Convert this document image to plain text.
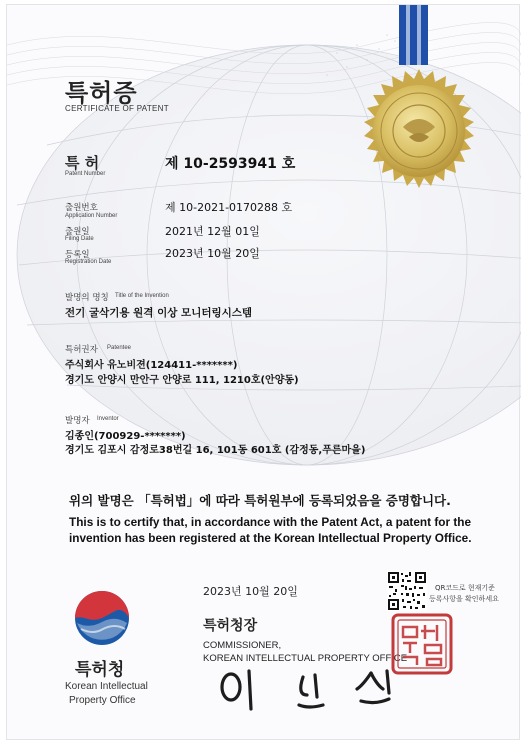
특허증
CERTIFICATE OF PATENT
특 허
Patent Number
제 10-2593941 호
출원번호
Application Number
제 10-2021-0170288 호
출원일
Filing Date
2021년 12월 01일
등록일
Registration Date
2023년 10월 20일
발명의 명칭 Title of the Invention
전기 굴삭기용 원격 이상 모니터링시스템
특허권자 Patentee
주식회사 유노비젼(124411-*******)
경기도 안양시 만안구 안양로 111, 1210호(안양동)
발명자 Inventor
김종인(700929-*******)
경기도 김포시 감정로38번길 16, 101동 601호 (감정동,푸른마을)
위의 발명은 「특허법」에 따라 특허원부에 등록되었음을 증명합니다.
This is to certify that, in accordance with the Patent Act, a patent for the
invention has been registered at the Korean Intellectual Property Office.
특허청
Korean Intellectual
Property Office
2023년 10월 20일	QR코드로 현재기준
등록사항을 확인하세요
특허청장
COMMISSIONER,
KOREAN INTELLECTUAL PROPERTY OFFICE
